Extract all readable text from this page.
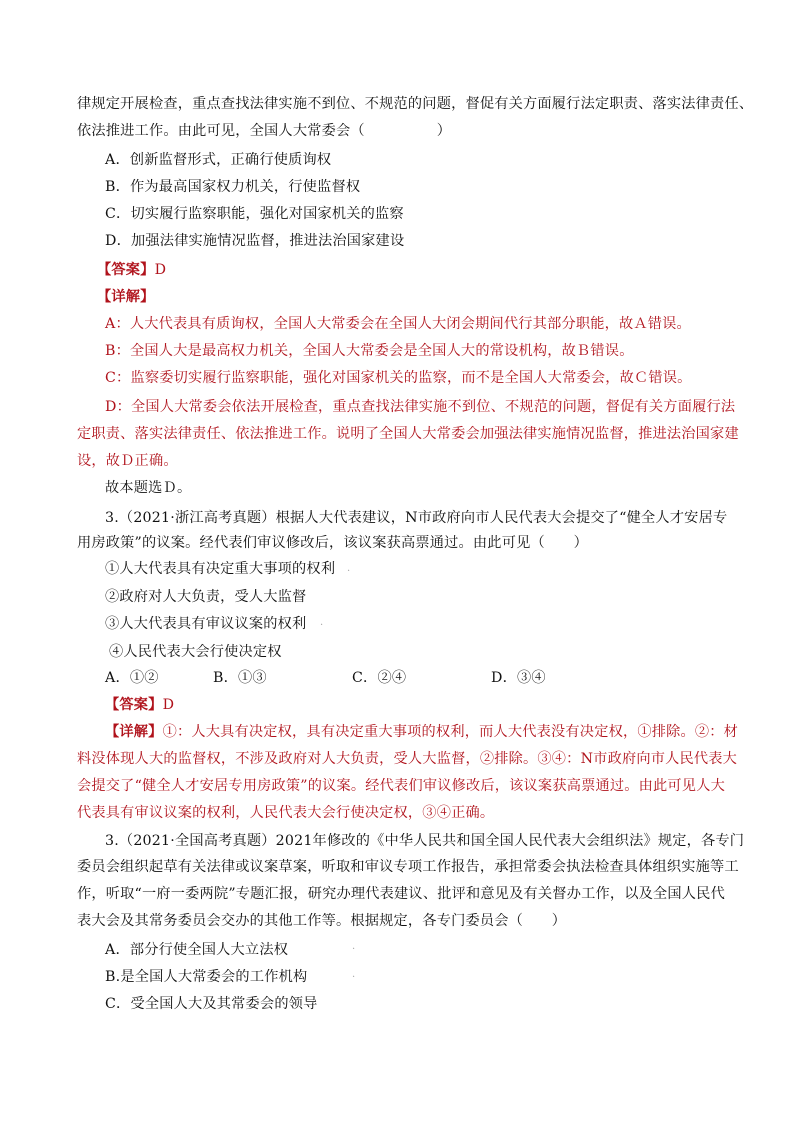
律规定开展检查，重点查找法律实施不到位、不规范的问题，督促有关方面履行法定职责、落实法律责任、
依法推进工作。由此可见，全国人大常委会（　　　　　）
A．创新监督形式，正确行使质询权
B．作为最高国家权力机关，行使监督权
C．切实履行监察职能，强化对国家机关的监察
D．加强法律实施情况监督，推进法治国家建设
【答案】D
【详解】
A：人大代表具有质询权，全国人大常委会在全国人大闭会期间代行其部分职能，故Ａ错误。
B：全国人大是最高权力机关，全国人大常委会是全国人大的常设机构，故Ｂ错误。
C：监察委切实履行监察职能，强化对国家机关的监察，而不是全国人大常委会，故Ｃ错误。
D：全国人大常委会依法开展检查，重点查找法律实施不到位、不规范的问题，督促有关方面履行法
定职责、落实法律责任、依法推进工作。说明了全国人大常委会加强法律实施情况监督，推进法治国家建
设，故Ｄ正确。
故本题选Ｄ。
3.（2021·浙江高考真题）根据人大代表建议，N市政府向市人民代表大会提交了“健全人才安居专
用房政策”的议案。经代表们审议修改后，该议案获高票通过。由此可见（　　）
①人大代表具有决定重大事项的权利
②政府对人大负责，受人大监督
③人大代表具有审议议案的权利
④人民代表大会行使决定权
A．①②	B．①③	C．②④	D．③④
【答案】D
【详解】①：人大具有决定权，具有决定重大事项的权利，而人大代表没有决定权，①排除。②：材
料没体现人大的监督权，不涉及政府对人大负责，受人大监督，②排除。③④：N市政府向市人民代表大
会提交了“健全人才安居专用房政策”的议案。经代表们审议修改后，该议案获高票通过。由此可见人大
代表具有审议议案的权利，人民代表大会行使决定权，③④正确。
3.（2021·全国高考真题）2021年修改的《中华人民共和国全国人民代表大会组织法》规定，各专门
委员会组织起草有关法律或议案草案，听取和审议专项工作报告，承担常委会执法检查具体组织实施等工
作，听取“一府一委两院”专题汇报，研究办理代表建议、批评和意见及有关督办工作，以及全国人民代
表大会及其常务委员会交办的其他工作等。根据规定，各专门委员会（　　）
A．部分行使全国人大立法权
B.是全国人大常委会的工作机构
C．受全国人大及其常委会的领导
·
·
·
·
